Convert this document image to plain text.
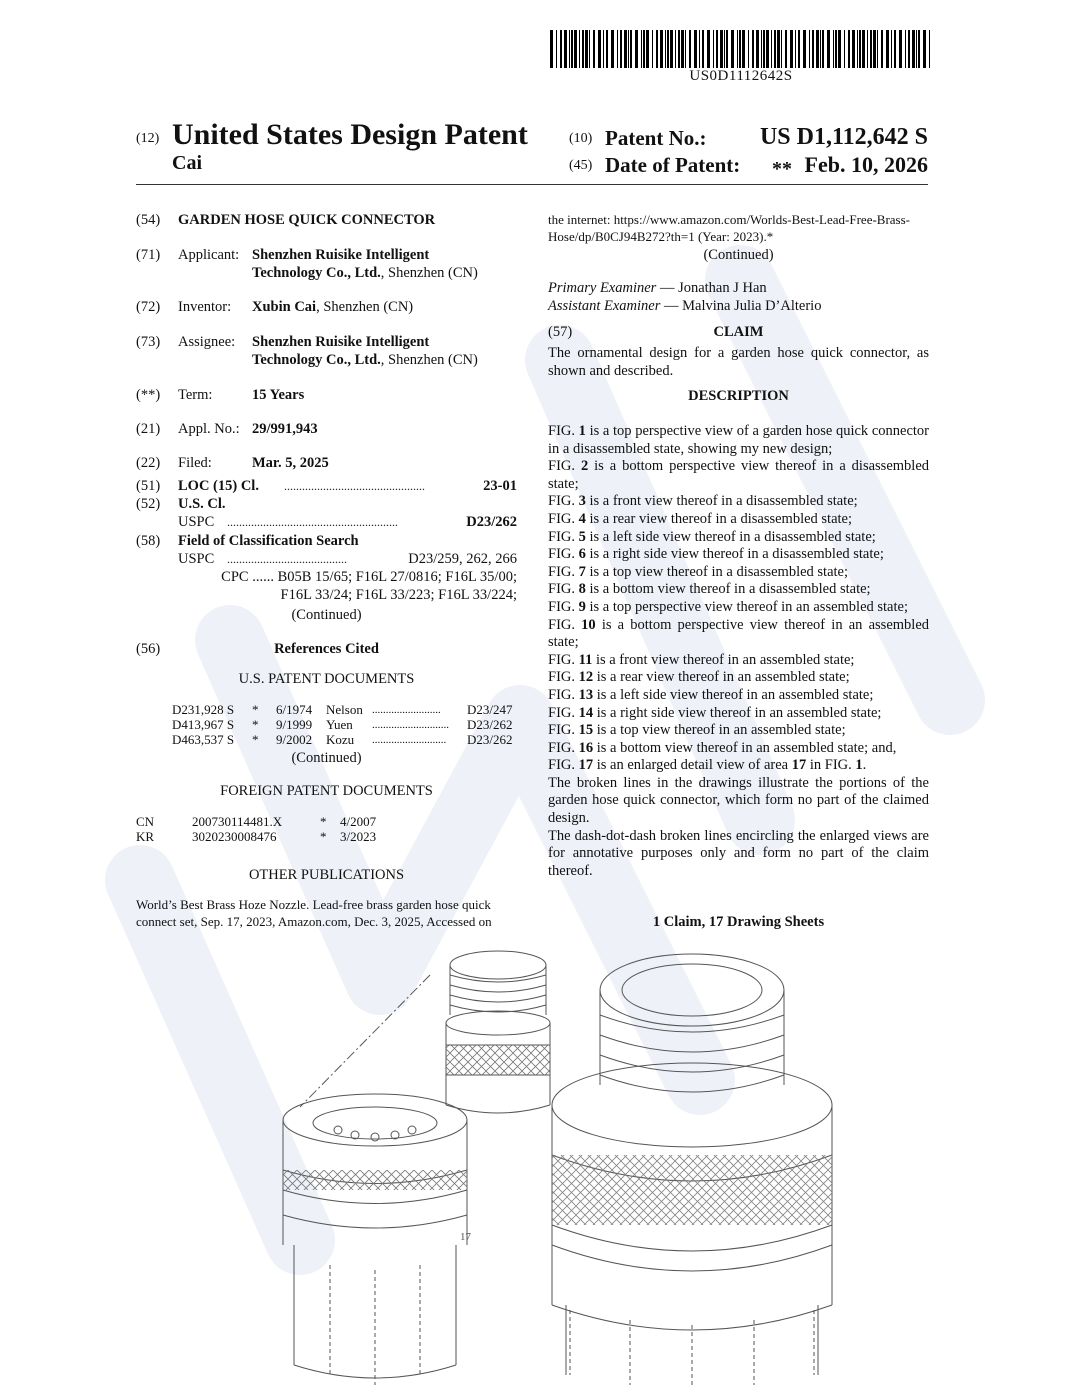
US0D1112642S
(12) United States Design Patent
Cai
(10) Patent No.:	US D1,112,642 S
(45) Date of Patent: ** Feb. 10, 2026
(54) GARDEN HOSE QUICK CONNECTOR
(71) Applicant: Shenzhen Ruisike Intelligent
Technology Co., Ltd., Shenzhen (CN)
(72) Inventor: Xubin Cai, Shenzhen (CN)
(73) Assignee: Shenzhen Ruisike Intelligent
Technology Co., Ltd., Shenzhen (CN)
(**) Term:	15 Years
(21) Appl. No.: 29/991,943
(22) Filed:	Mar. 5, 2025
(51) LOC (15) Cl. ...............................................	23-01
(52) U.S. Cl.
USPC .........................................................	D23/262
(58) Field of Classification Search
USPC ........................................	D23/259, 262, 266
CPC ...... B05B 15/65; F16L 27/0816; F16L 35/00;
F16L 33/24; F16L 33/223; F16L 33/224;
(Continued)
(56)	References Cited
U.S. PATENT DOCUMENTS
D231,928 S * 6/1974 Nelson ......................... D23/247
D413,967 S * 9/1999 Yuen ............................ D23/262
D463,537 S * 9/2002 Kozu ........................... D23/262
(Continued)
FOREIGN PATENT DOCUMENTS
CN	200730114481.X	* 4/2007
KR	3020230008476	* 3/2023
OTHER PUBLICATIONS
World’s Best Brass Hoze Nozzle. Lead-free brass garden hose quick
connect set, Sep. 17, 2023, Amazon.com, Dec. 3, 2025, Accessed on
the internet: https://www.amazon.com/Worlds-Best-Lead-Free-Brass-
Hose/dp/B0CJ94B272?th=1 (Year: 2023).*
(Continued)
Primary Examiner — Jonathan J Han
Assistant Examiner — Malvina Julia D’Alterio
(57)	CLAIM
The ornamental design for a garden hose quick connector, as shown and described.
DESCRIPTION
FIG. 1 is a top perspective view of a garden hose quick connector in a disassembled state, showing my new design;
FIG. 2 is a bottom perspective view thereof in a disassembled state;
FIG. 3 is a front view thereof in a disassembled state;
FIG. 4 is a rear view thereof in a disassembled state;
FIG. 5 is a left side view thereof in a disassembled state;
FIG. 6 is a right side view thereof in a disassembled state;
FIG. 7 is a top view thereof in a disassembled state;
FIG. 8 is a bottom view thereof in a disassembled state;
FIG. 9 is a top perspective view thereof in an assembled state;
FIG. 10 is a bottom perspective view thereof in an assembled state;
FIG. 11 is a front view thereof in an assembled state;
FIG. 12 is a rear view thereof in an assembled state;
FIG. 13 is a left side view thereof in an assembled state;
FIG. 14 is a right side view thereof in an assembled state;
FIG. 15 is a top view thereof in an assembled state;
FIG. 16 is a bottom view thereof in an assembled state; and,
FIG. 17 is an enlarged detail view of area 17 in FIG. 1.
The broken lines in the drawings illustrate the portions of the garden hose quick connector, which form no part of the claimed design.
The dash-dot-dash broken lines encircling the enlarged views are for annotative purposes only and form no part of the claim thereof.
1 Claim, 17 Drawing Sheets
17
